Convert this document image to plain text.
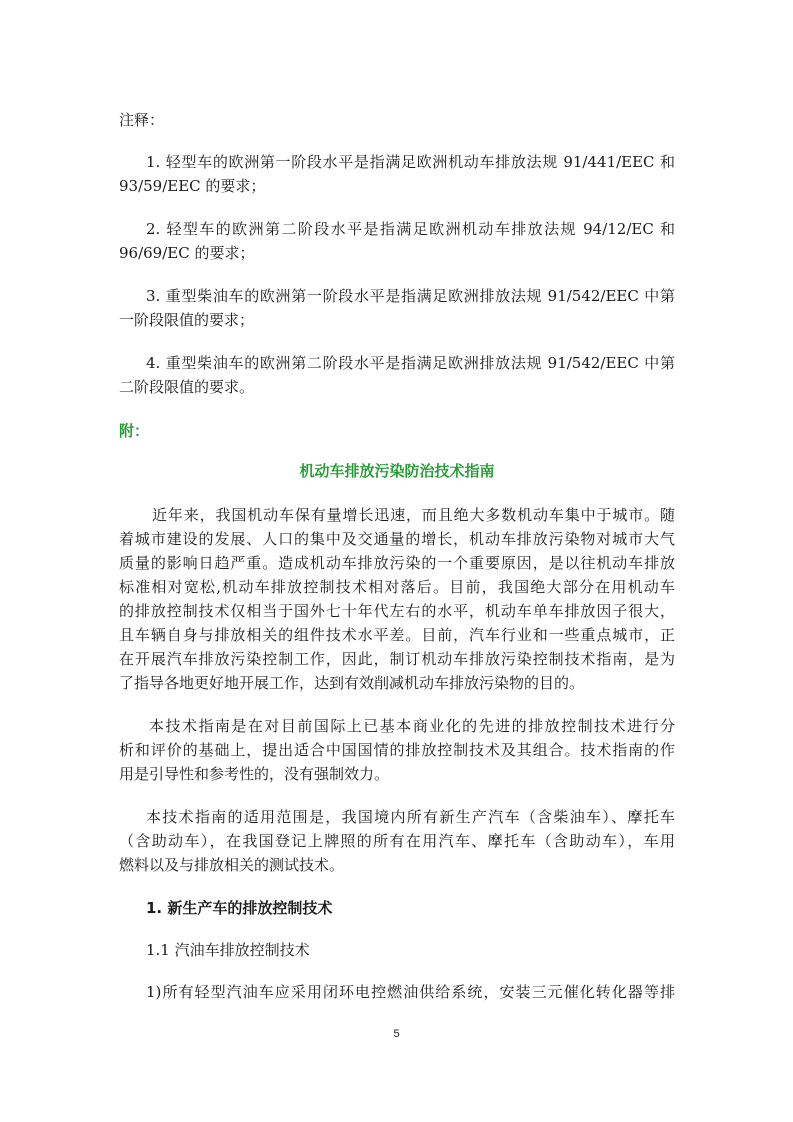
注释：
1. 轻型车的欧洲第一阶段水平是指满足欧洲机动车排放法规 91/441/EEC 和
93/59/EEC 的要求；
2. 轻型车的欧洲第二阶段水平是指满足欧洲机动车排放法规 94/12/EC 和
96/69/EC 的要求；
3. 重型柴油车的欧洲第一阶段水平是指满足欧洲排放法规 91/542/EEC 中第
一阶段限值的要求；
4. 重型柴油车的欧洲第二阶段水平是指满足欧洲排放法规 91/542/EEC 中第
二阶段限值的要求。
附：
机动车排放污染防治技术指南
近年来，我国机动车保有量增长迅速，而且绝大多数机动车集中于城市。随
着城市建设的发展、人口的集中及交通量的增长，机动车排放污染物对城市大气
质量的影响日趋严重。造成机动车排放污染的一个重要原因，是以往机动车排放
标准相对宽松,机动车排放控制技术相对落后。目前，我国绝大部分在用机动车
的排放控制技术仅相当于国外七十年代左右的水平，机动车单车排放因子很大，
且车辆自身与排放相关的组件技术水平差。目前，汽车行业和一些重点城市，正
在开展汽车排放污染控制工作，因此，制订机动车排放污染控制技术指南，是为
了指导各地更好地开展工作，达到有效削减机动车排放污染物的目的。
本技术指南是在对目前国际上已基本商业化的先进的排放控制技术进行分
析和评价的基础上，提出适合中国国情的排放控制技术及其组合。技术指南的作
用是引导性和参考性的，没有强制效力。
本技术指南的适用范围是，我国境内所有新生产汽车（含柴油车）、摩托车
（含助动车），在我国登记上牌照的所有在用汽车、摩托车（含助动车），车用
燃料以及与排放相关的测试技术。
1. 新生产车的排放控制技术
1.1 汽油车排放控制技术
1)所有轻型汽油车应采用闭环电控燃油供给系统，安装三元催化转化器等排
5
